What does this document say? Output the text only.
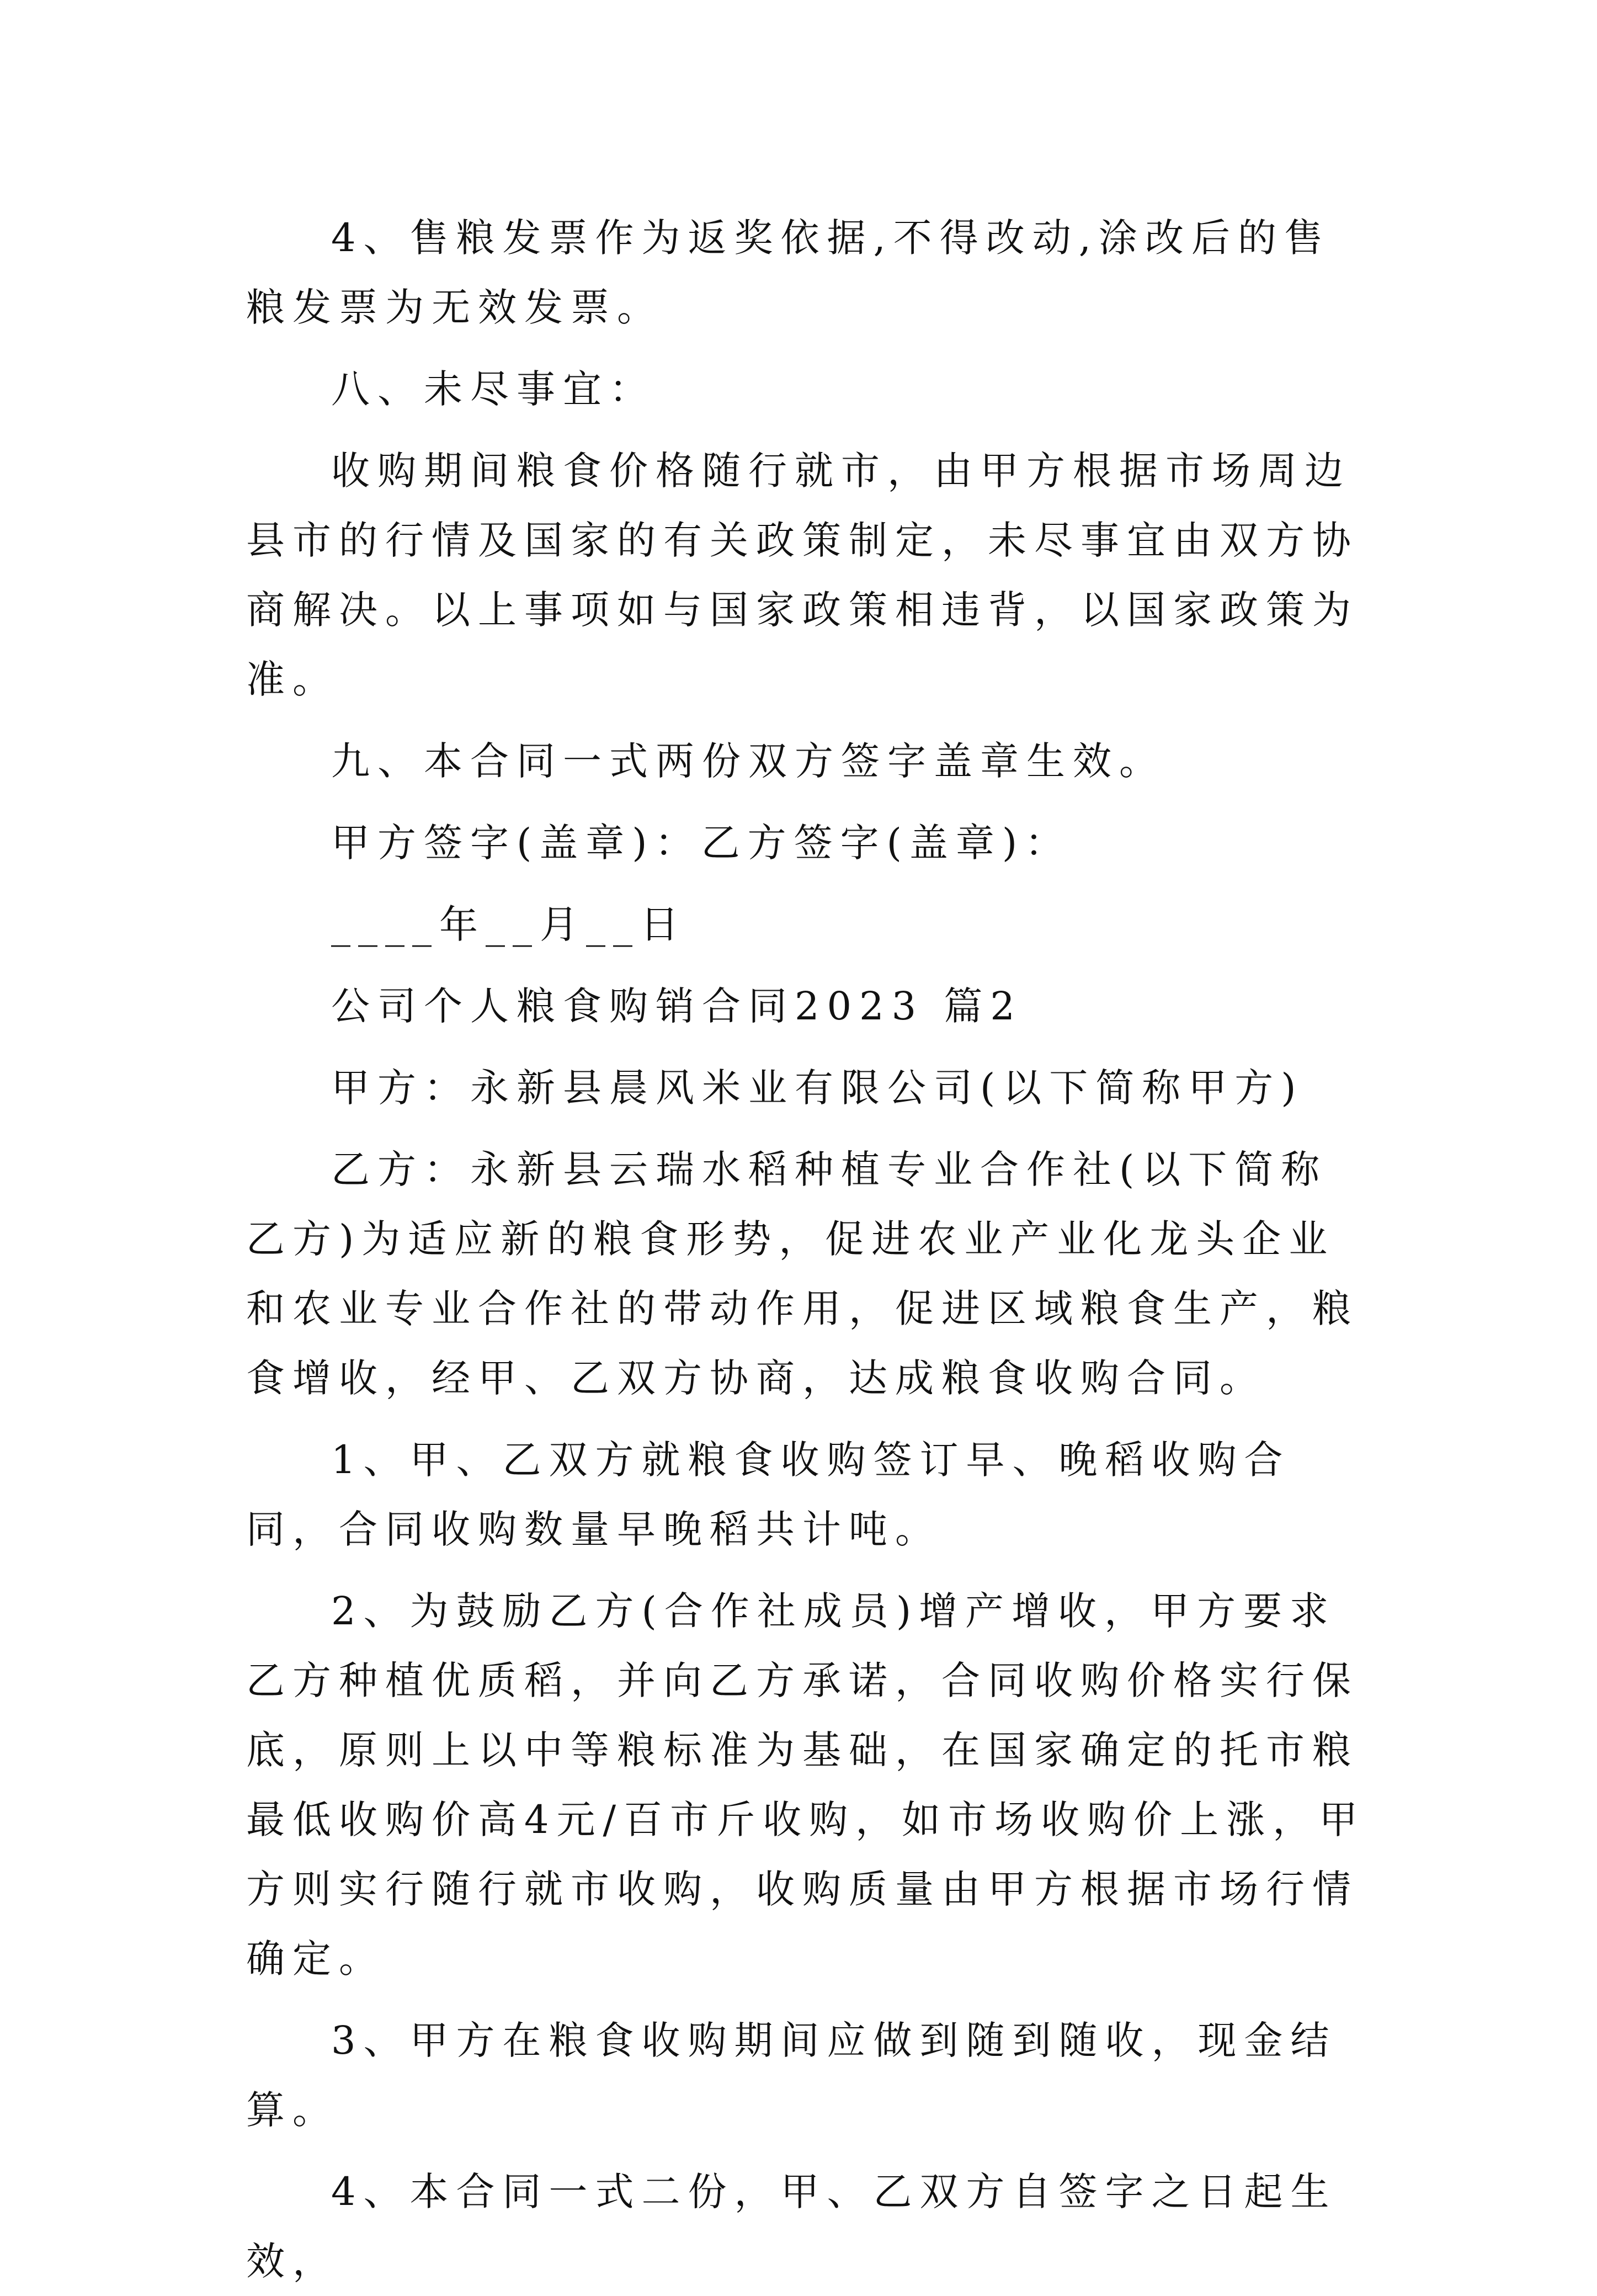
4、售粮发票作为返奖依据,不得改动,涂改后的售粮发票为无效发票。

八、未尽事宜：

收购期间粮食价格随行就市，由甲方根据市场周边县市的行情及国家的有关政策制定，未尽事宜由双方协商解决。以上事项如与国家政策相违背，以国家政策为准。

九、本合同一式两份双方签字盖章生效。

甲方签字(盖章)：乙方签字(盖章)：

____年__月__日

公司个人粮食购销合同2023 篇2

甲方：永新县晨风米业有限公司(以下简称甲方)

乙方：永新县云瑞水稻种植专业合作社(以下简称乙方)为适应新的粮食形势，促进农业产业化龙头企业和农业专业合作社的带动作用，促进区域粮食生产，粮食增收，经甲、乙双方协商，达成粮食收购合同。

1、甲、乙双方就粮食收购签订早、晚稻收购合同，合同收购数量早晚稻共计吨。

2、为鼓励乙方(合作社成员)增产增收，甲方要求乙方种植优质稻，并向乙方承诺，合同收购价格实行保底，原则上以中等粮标准为基础，在国家确定的托市粮最低收购价高4元/百市斤收购，如市场收购价上涨，甲方则实行随行就市收购，收购质量由甲方根据市场行情确定。

3、甲方在粮食收购期间应做到随到随收，现金结算。

4、本合同一式二份，甲、乙双方自签字之日起生效，
